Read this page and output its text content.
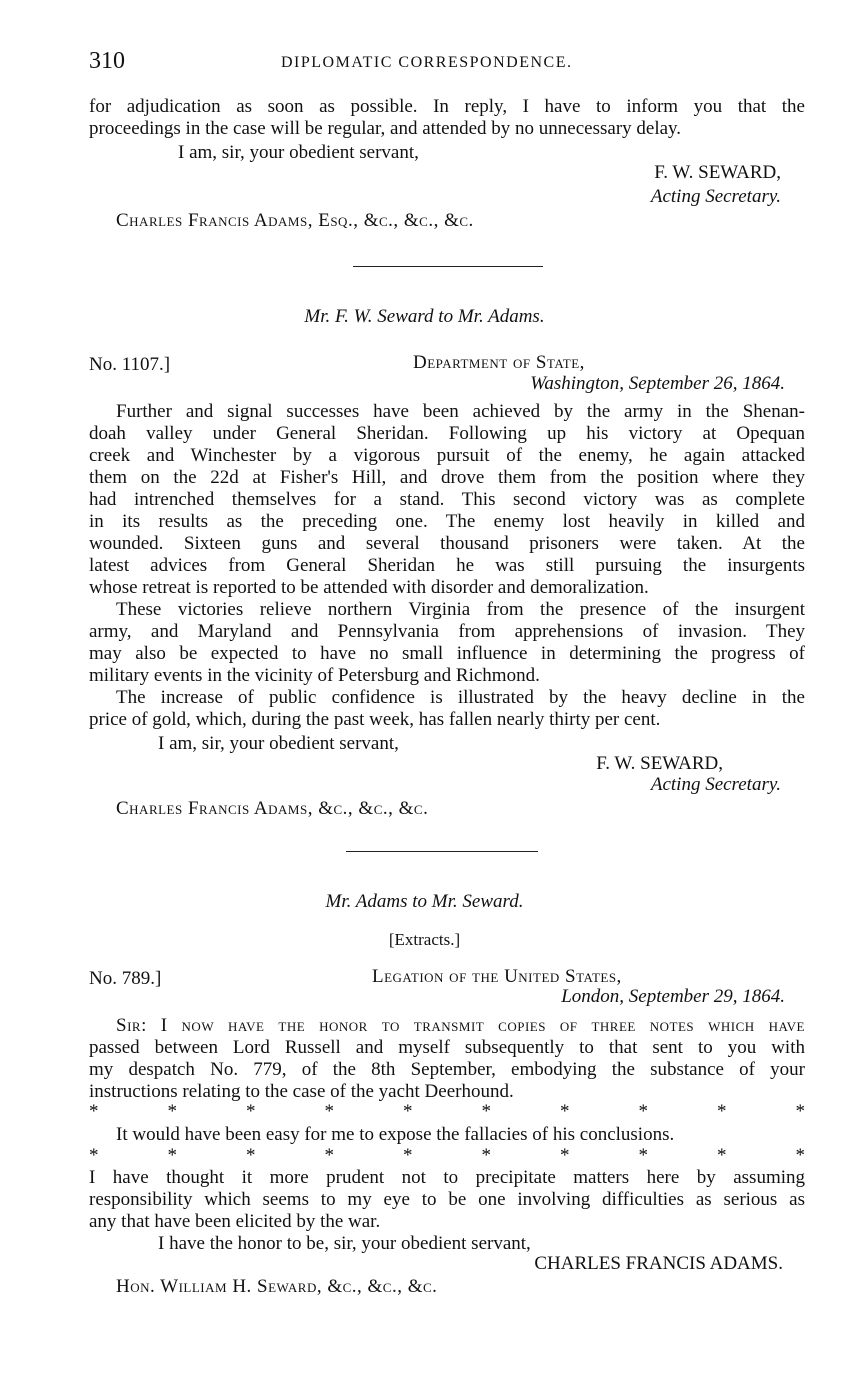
310	DIPLOMATIC CORRESPONDENCE.
for adjudication as soon as possible. In reply, I have to inform you that the
proceedings in the case will be regular, and attended by no unnecessary delay.
I am, sir, your obedient servant,
F. W. SEWARD,
Acting Secretary.
Charles Francis Adams, Esq., &c., &c., &c.
Mr. F. W. Seward to Mr. Adams.
No. 1107.]	Department of State,
Washington, September 26, 1864.
Further and signal successes have been achieved by the army in the Shenan-
doah valley under General Sheridan. Following up his victory at Opequan
creek and Winchester by a vigorous pursuit of the enemy, he again attacked
them on the 22d at Fisher's Hill, and drove them from the position where they
had intrenched themselves for a stand. This second victory was as complete
in its results as the preceding one. The enemy lost heavily in killed and
wounded. Sixteen guns and several thousand prisoners were taken. At the
latest advices from General Sheridan he was still pursuing the insurgents
whose retreat is reported to be attended with disorder and demoralization.
These victories relieve northern Virginia from the presence of the insurgent
army, and Maryland and Pennsylvania from apprehensions of invasion. They
may also be expected to have no small influence in determining the progress of
military events in the vicinity of Petersburg and Richmond.
The increase of public confidence is illustrated by the heavy decline in the
price of gold, which, during the past week, has fallen nearly thirty per cent.
I am, sir, your obedient servant,
F. W. SEWARD,
Acting Secretary.
Charles Francis Adams, &c., &c., &c.
Mr. Adams to Mr. Seward.
[Extracts.]
No. 789.]	Legation of the United States,
London, September 29, 1864.
Sir: I now have the honor to transmit copies of three notes which have
passed between Lord Russell and myself subsequently to that sent to you with
my despatch No. 779, of the 8th September, embodying the substance of your
instructions relating to the case of the yacht Deerhound.
*	*	*	*	*	*	*	*	*	*
It would have been easy for me to expose the fallacies of his conclusions.
*	*	*	*	*	*	*	*	*	*
I have thought it more prudent not to precipitate matters here by assuming
responsibility which seems to my eye to be one involving difficulties as serious as
any that have been elicited by the war.
I have the honor to be, sir, your obedient servant,
CHARLES FRANCIS ADAMS.
Hon. William H. Seward, &c., &c., &c.
